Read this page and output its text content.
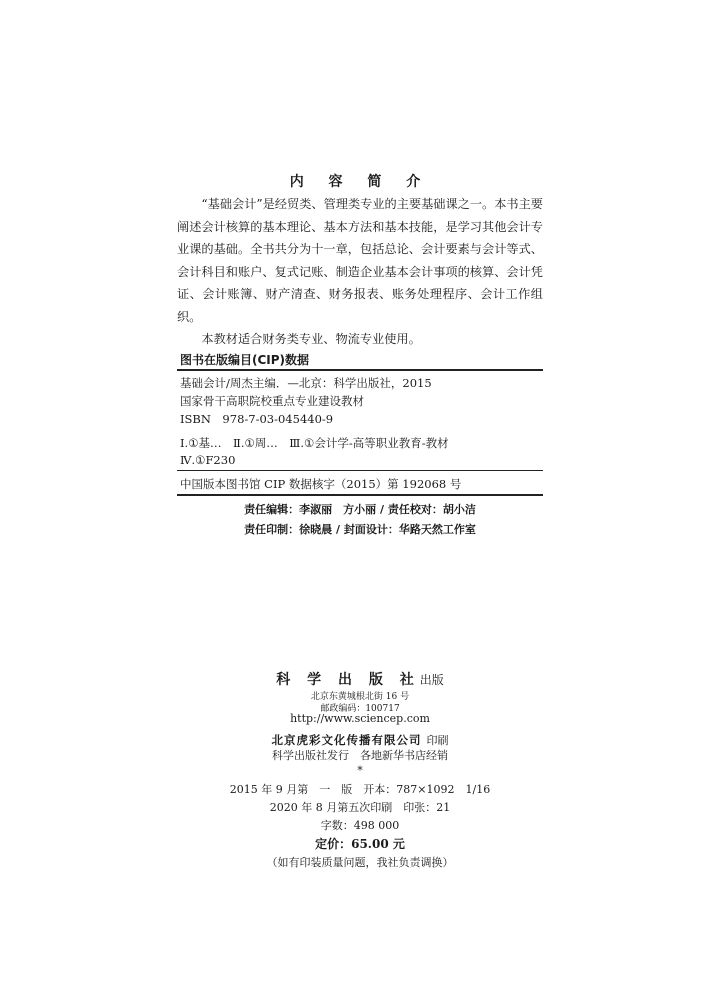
内 容 简 介

“基础会计”是经贸类、管理类专业的主要基础课之一。本书主要阐述会计核算的基本理论、基本方法和基本技能，是学习其他会计专业课的基础。全书共分为十一章，包括总论、会计要素与会计等式、会计科目和账户、复式记账、制造企业基本会计事项的核算、会计凭证、会计账簿、财产清查、财务报表、账务处理程序、会计工作组织。

本教材适合财务类专业、物流专业使用。

图书在版编目(CIP)数据
基础会计/周杰主编．—北京：科学出版社，2015
国家骨干高职院校重点专业建设教材
ISBN　978-7-03-045440-9
Ⅰ.①基…　Ⅱ.①周…　Ⅲ.①会计学-高等职业教育-教材
Ⅳ.①F230
中国版本图书馆 CIP 数据核字（2015）第 192068 号
责任编辑：李淑丽　方小丽 / 责任校对：胡小洁
责任印制：徐晓晨 / 封面设计：华路天然工作室
科 学 出 版 社出版
北京东黄城根北街 16 号
邮政编码：100717
http://www.sciencep.com
北京虎彩文化传播有限公司 印刷
科学出版社发行　各地新华书店经销
*
2015 年 9 月第　一　版　开本：787×1092　1/16
2020 年 8 月第五次印刷　印张：21
字数：498 000
定价：65.00 元
（如有印装质量问题，我社负责调换）
